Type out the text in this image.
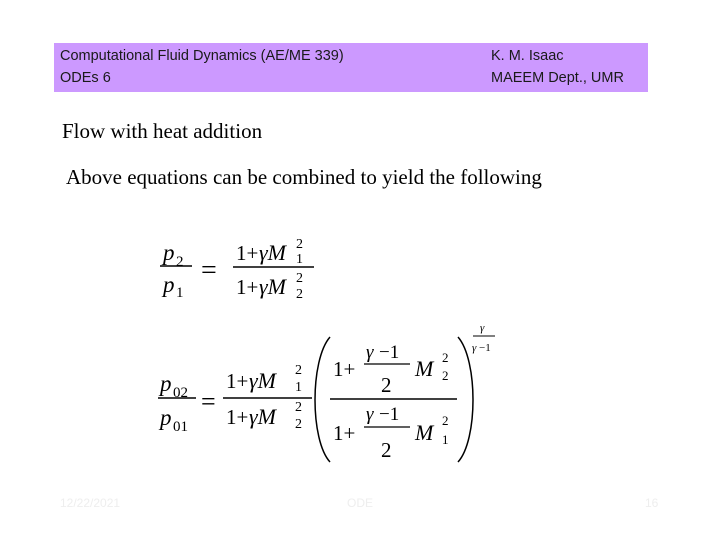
Computational Fluid Dynamics (AE/ME 339)
ODEs 6
K. M. Isaac
MAEEM Dept., UMR
Flow with heat addition
Above equations can be combined to yield the following
p 2
p 1
=
1+ γM 2
1
1+ γM 2
2
p 02
p 01
=
1+ γM 2
1
1+ γM 2
2
1+
γ −1
2
M 2
2
1+
γ −1
2
M 2
1
γ
γ −1
12/22/2021	ODE	16
